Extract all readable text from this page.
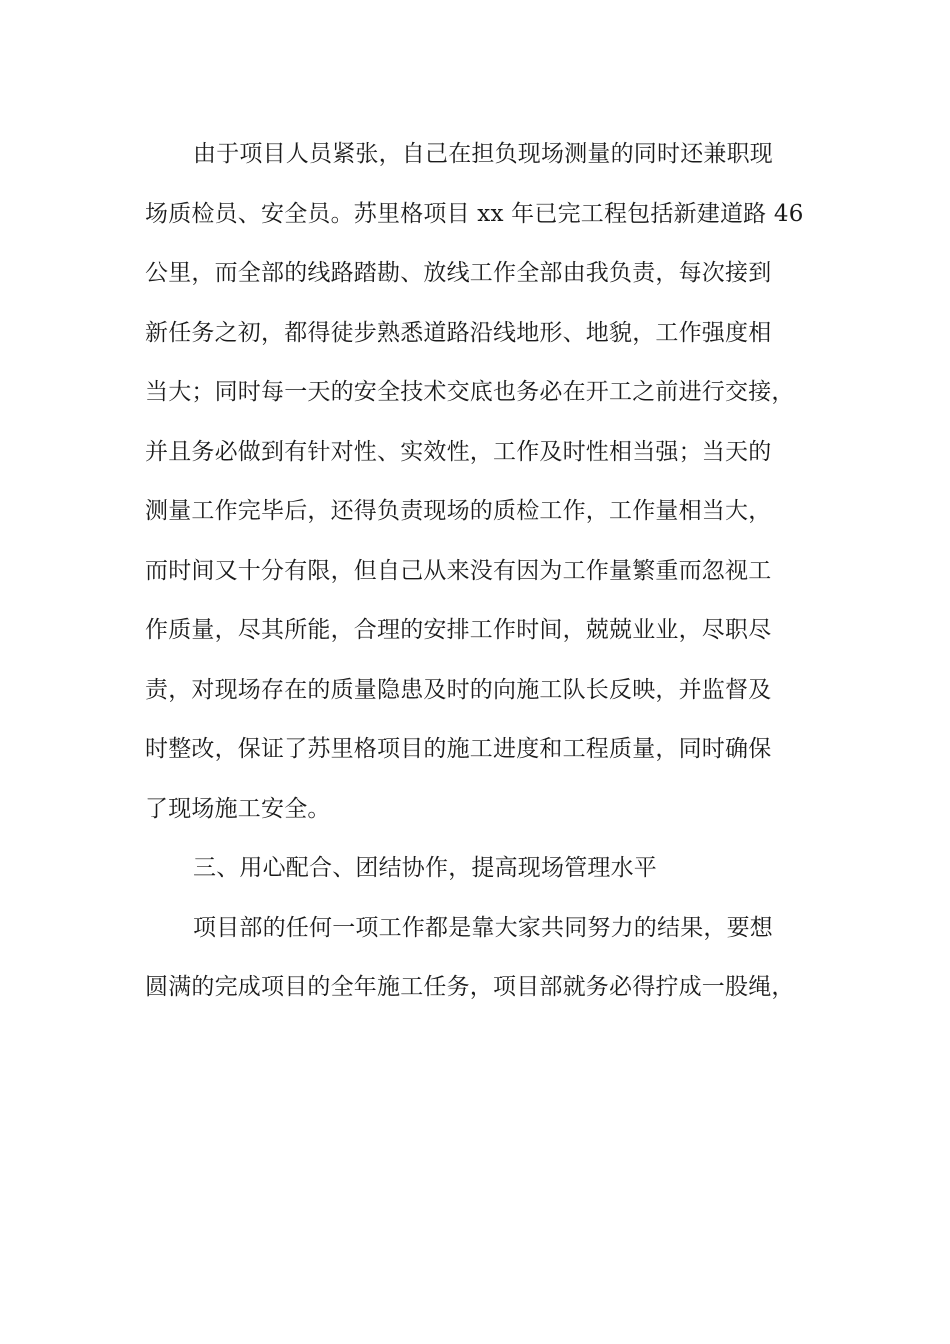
由于项目人员紧张，自己在担负现场测量的同时还兼职现
场质检员、安全员。苏里格项目 xx 年已完工程包括新建道路 46
公里，而全部的线路踏勘、放线工作全部由我负责，每次接到
新任务之初，都得徒步熟悉道路沿线地形、地貌，工作强度相
当大；同时每一天的安全技术交底也务必在开工之前进行交接，
并且务必做到有针对性、实效性，工作及时性相当强；当天的
测量工作完毕后，还得负责现场的质检工作，工作量相当大，
而时间又十分有限，但自己从来没有因为工作量繁重而忽视工
作质量，尽其所能，合理的安排工作时间，兢兢业业，尽职尽
责，对现场存在的质量隐患及时的向施工队长反映，并监督及
时整改，保证了苏里格项目的施工进度和工程质量，同时确保
了现场施工安全。
三、用心配合、团结协作，提高现场管理水平
项目部的任何一项工作都是靠大家共同努力的结果，要想
圆满的完成项目的全年施工任务，项目部就务必得拧成一股绳，
